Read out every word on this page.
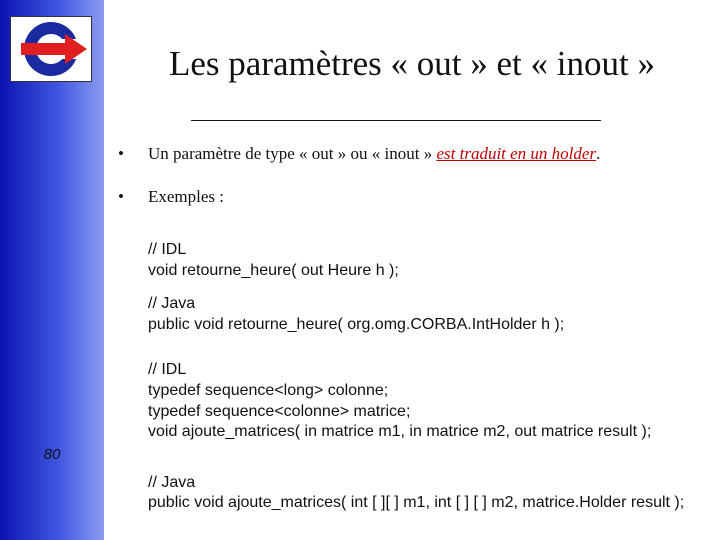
80
Les paramètres « out » et « inout »
• Un paramètre de type « out » ou « inout » est traduit en un holder.
• Exemples :
// IDL
void retourne_heure( out Heure h );
// Java
public void retourne_heure( org.omg.CORBA.IntHolder h );
// IDL
typedef sequence<long> colonne;
typedef sequence<colonne> matrice;
void ajoute_matrices( in matrice m1, in matrice m2, out matrice result );
// Java
public void ajoute_matrices( int [ ][ ] m1, int [ ] [ ] m2, matrice.Holder result );
